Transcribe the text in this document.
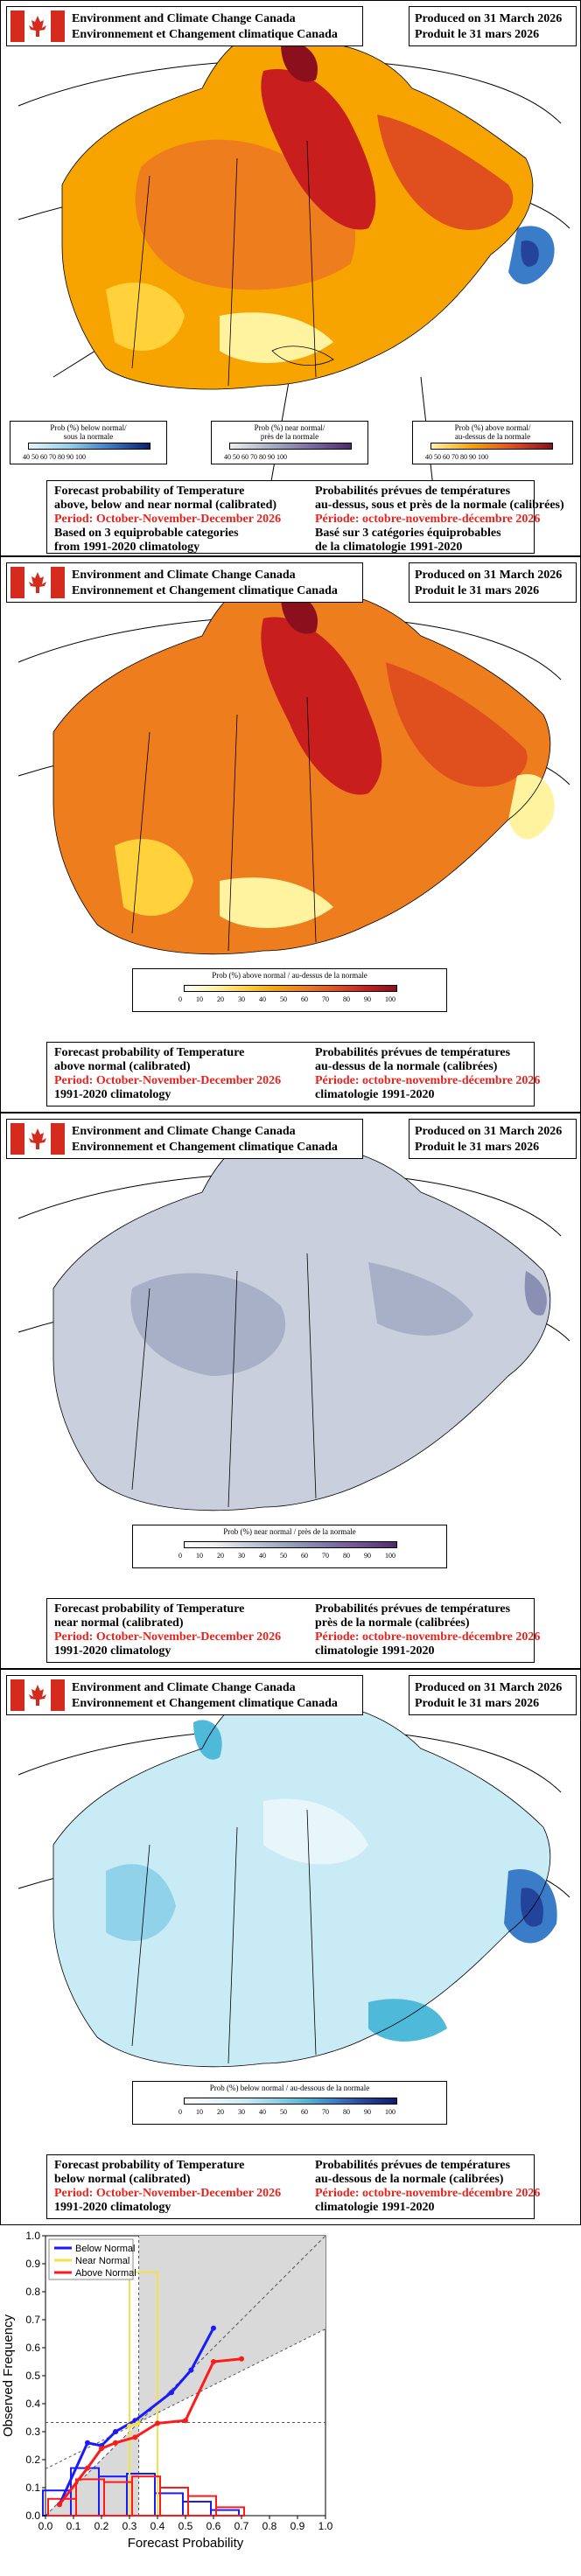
Environment and Climate Change Canada
Environnement et Changement climatique Canada
Produced on 31 March 2026
Produit le 31 mars 2026
Prob (%) below normal/
sous la normale
40 50 60 70 80 90 100
Prob (%) near normal/
près de la normale
40 50 60 70 80 90 100
Prob (%) above normal/
au-dessus de la normale
40 50 60 70 80 90 100
Forecast probability of Temperature
above, below and near normal (calibrated)
Period: October-November-December 2026
Based on 3 equiprobable categories
from 1991-2020 climatology
Probabilités prévues de températures
au-dessus, sous et près de la normale (calibrées)
Période: octobre-novembre-décembre 2026
Basé sur 3 catégories équiprobables
de la climatologie 1991-2020
Environment and Climate Change Canada
Environnement et Changement climatique Canada
Produced on 31 March 2026
Produit le 31 mars 2026
Prob (%) above normal / au-dessus de la normale
0 10 20 30 40 50 60 70 80 90 100
Forecast probability of Temperature
above normal (calibrated)
Period: October-November-December 2026
1991-2020 climatology
Probabilités prévues de températures
au-dessus de la normale (calibrées)
Période: octobre-novembre-décembre 2026
climatologie 1991-2020
Environment and Climate Change Canada
Environnement et Changement climatique Canada
Produced on 31 March 2026
Produit le 31 mars 2026
Prob (%) near normal / près de la normale
0 10 20 30 40 50 60 70 80 90 100
Forecast probability of Temperature
near normal (calibrated)
Period: October-November-December 2026
1991-2020 climatology
Probabilités prévues de températures
près de la normale (calibrées)
Période: octobre-novembre-décembre 2026
climatologie 1991-2020
Environment and Climate Change Canada
Environnement et Changement climatique Canada
Produced on 31 March 2026
Produit le 31 mars 2026
Prob (%) below normal / au-dessous de la normale
0 10 20 30 40 50 60 70 80 90 100
Forecast probability of Temperature
below normal (calibrated)
Period: October-November-December 2026
1991-2020 climatology
Probabilités prévues de températures
au-dessous de la normale (calibrées)
Période: octobre-novembre-décembre 2026
climatologie 1991-2020
0.0 0.1 0.2 0.3 0.4 0.5 0.6 0.7 0.8 0.9 1.0
0.0
0.1
0.2
0.3
0.4
0.5
0.6
0.7
0.8
0.9
1.0
Forecast Probability
Observed Frequency
Below Normal
Near Normal
Above Normal
